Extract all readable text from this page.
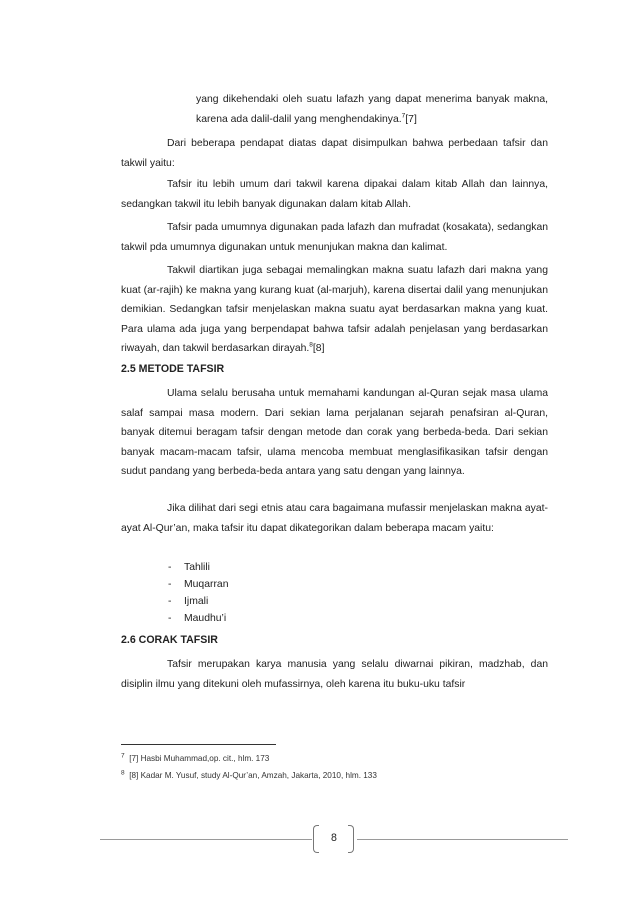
yang dikehendaki oleh suatu lafazh yang dapat menerima banyak makna, karena ada dalil-dalil yang menghendakinya.$^7$[7]

Dari beberapa pendapat diatas dapat disimpulkan bahwa perbedaan tafsir dan takwil yaitu:

Tafsir itu lebih umum dari takwil karena dipakai dalam kitab Allah dan lainnya, sedangkan takwil itu lebih banyak digunakan dalam kitab Allah.

Tafsir pada umumnya digunakan pada lafazh dan mufradat (kosakata), sedangkan takwil pda umumnya digunakan untuk menunjukan makna dan kalimat.

Takwil diartikan juga sebagai memalingkan makna suatu lafazh dari makna yang kuat (ar-rajih) ke makna yang kurang kuat (al-marjuh), karena disertai dalil yang menunjukan demikian. Sedangkan tafsir menjelaskan makna suatu ayat berdasarkan makna yang kuat. Para ulama ada juga yang berpendapat bahwa tafsir adalah penjelasan yang berdasarkan riwayah, dan takwil berdasarkan dirayah.$^8$[8]

2.5 METODE TAFSIR

Ulama selalu berusaha untuk memahami kandungan al-Quran sejak masa ulama salaf sampai masa modern. Dari sekian lama perjalanan sejarah penafsiran al-Quran, banyak ditemui beragam tafsir dengan metode dan corak yang berbeda-beda. Dari sekian banyak macam-macam tafsir, ulama mencoba membuat menglasifikasikan tafsir dengan sudut pandang yang berbeda-beda antara yang satu dengan yang lainnya.

Jika dilihat dari segi etnis atau cara bagaimana mufassir menjelaskan makna ayat-ayat Al-Qur’an, maka tafsir itu dapat dikategorikan dalam beberapa macam yaitu:

-	Tahlili
-	Muqarran
-	Ijmali
-	Maudhu’i
2.6 CORAK TAFSIR

Tafsir merupakan karya manusia yang selalu diwarnai pikiran, madzhab, dan disiplin ilmu yang ditekuni oleh mufassirnya, oleh karena itu buku-uku tafsir

$^7$ [7] Hasbi Muhammad,op. cit., hlm. 173

$^8$ [8] Kadar M. Yusuf, study Al-Qur’an, Amzah, Jakarta, 2010, hlm. 133

8
